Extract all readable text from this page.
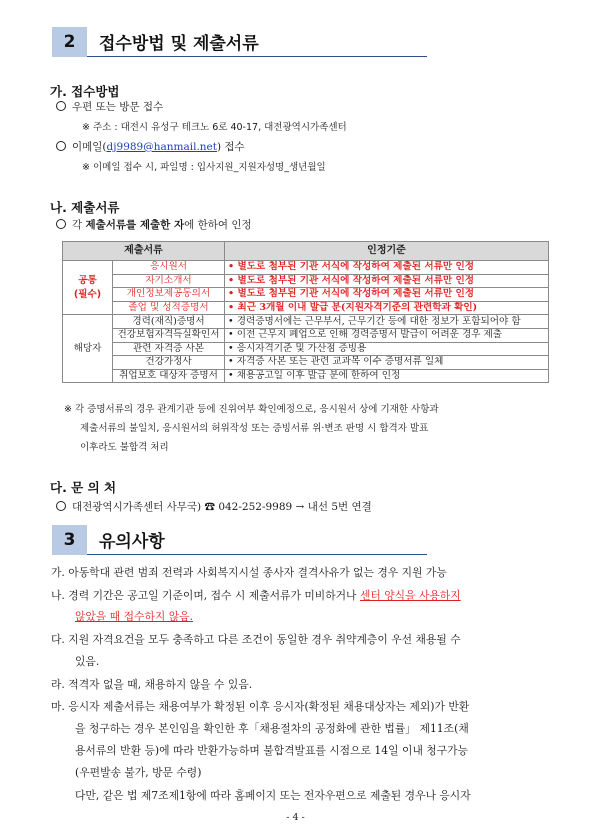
2	접수방법 및 제출서류
가. 접수방법
우편 또는 방문 접수
※ 주소 : 대전시 유성구 테크노 6로 40-17, 대전광역시가족센터
이메일(dj9989@hanmail.net) 접수
※ 이메일 접수 시, 파일명 : 입사지원_지원자성명_생년월일
나. 제출서류
각 제출서류를 제출한 자에 한하여 인정
제출서류		인정기준

공통
(필수)	응시원서	• 별도로 첨부된 기관 서식에 작성하여 제출된 서류만 인정
	자기소개서	• 별도로 첨부된 기관 서식에 작성하여 제출된 서류만 인정
	개인정보제공동의서	• 별도로 첨부된 기관 서식에 작성하여 제출된 서류만 인정
	졸업 및 성적증명서	• 최근 3개월 이내 발급 분(지원자격기준의 관련학과 확인)
해당자	경력(재직)증명서	• 경력증명서에는 근무부서, 근무기간 등에 대한 정보가 포함되어야 함
	건강보험자격득실확인서	• 이전 근무지 폐업으로 인해 경력증명서 발급이 어려운 경우 제출
	관련 자격증 사본	• 응시자격기준 및 가산점 증빙용
	건강가정사	• 자격증 사본 또는 관련 교과목 이수 증명서류 일체
	취업보호 대상자 증명서	• 채용공고일 이후 발급 분에 한하여 인정
※ 각 증명서류의 경우 관계기관 등에 진위여부 확인예정으로, 응시원서 상에 기재한 사항과
제출서류의 불일치, 응시원서의 허위작성 또는 증빙서류 위·변조 판명 시 합격자 발표
이후라도 불합격 처리
다. 문 의 처
대전광역시가족센터 사무국) ☎ 042-252-9989 → 내선 5번 연결
3	유의사항
가. 아동학대 관련 범죄 전력과 사회복지시설 종사자 결격사유가 없는 경우 지원 가능
나. 경력 기간은 공고일 기준이며, 접수 시 제출서류가 미비하거나 센터 양식을 사용하지
않았을 때 접수하지 않음.
다. 지원 자격요건을 모두 충족하고 다른 조건이 동일한 경우 취약계층이 우선 채용될 수
있음.
라. 적격자 없을 때, 채용하지 않을 수 있음.
마. 응시자 제출서류는 채용여부가 확정된 이후 응시자(확정된 채용대상자는 제외)가 반환
을 청구하는 경우 본인임을 확인한 후「채용절차의 공정화에 관한 법률」 제11조(채
용서류의 반환 등)에 따라 반환가능하며 불합격발표를 시점으로 14일 이내 청구가능
(우편발송 불가, 방문 수령)
다만, 같은 법 제7조제1항에 따라 홈페이지 또는 전자우편으로 제출된 경우나 응시자
- 4 -
